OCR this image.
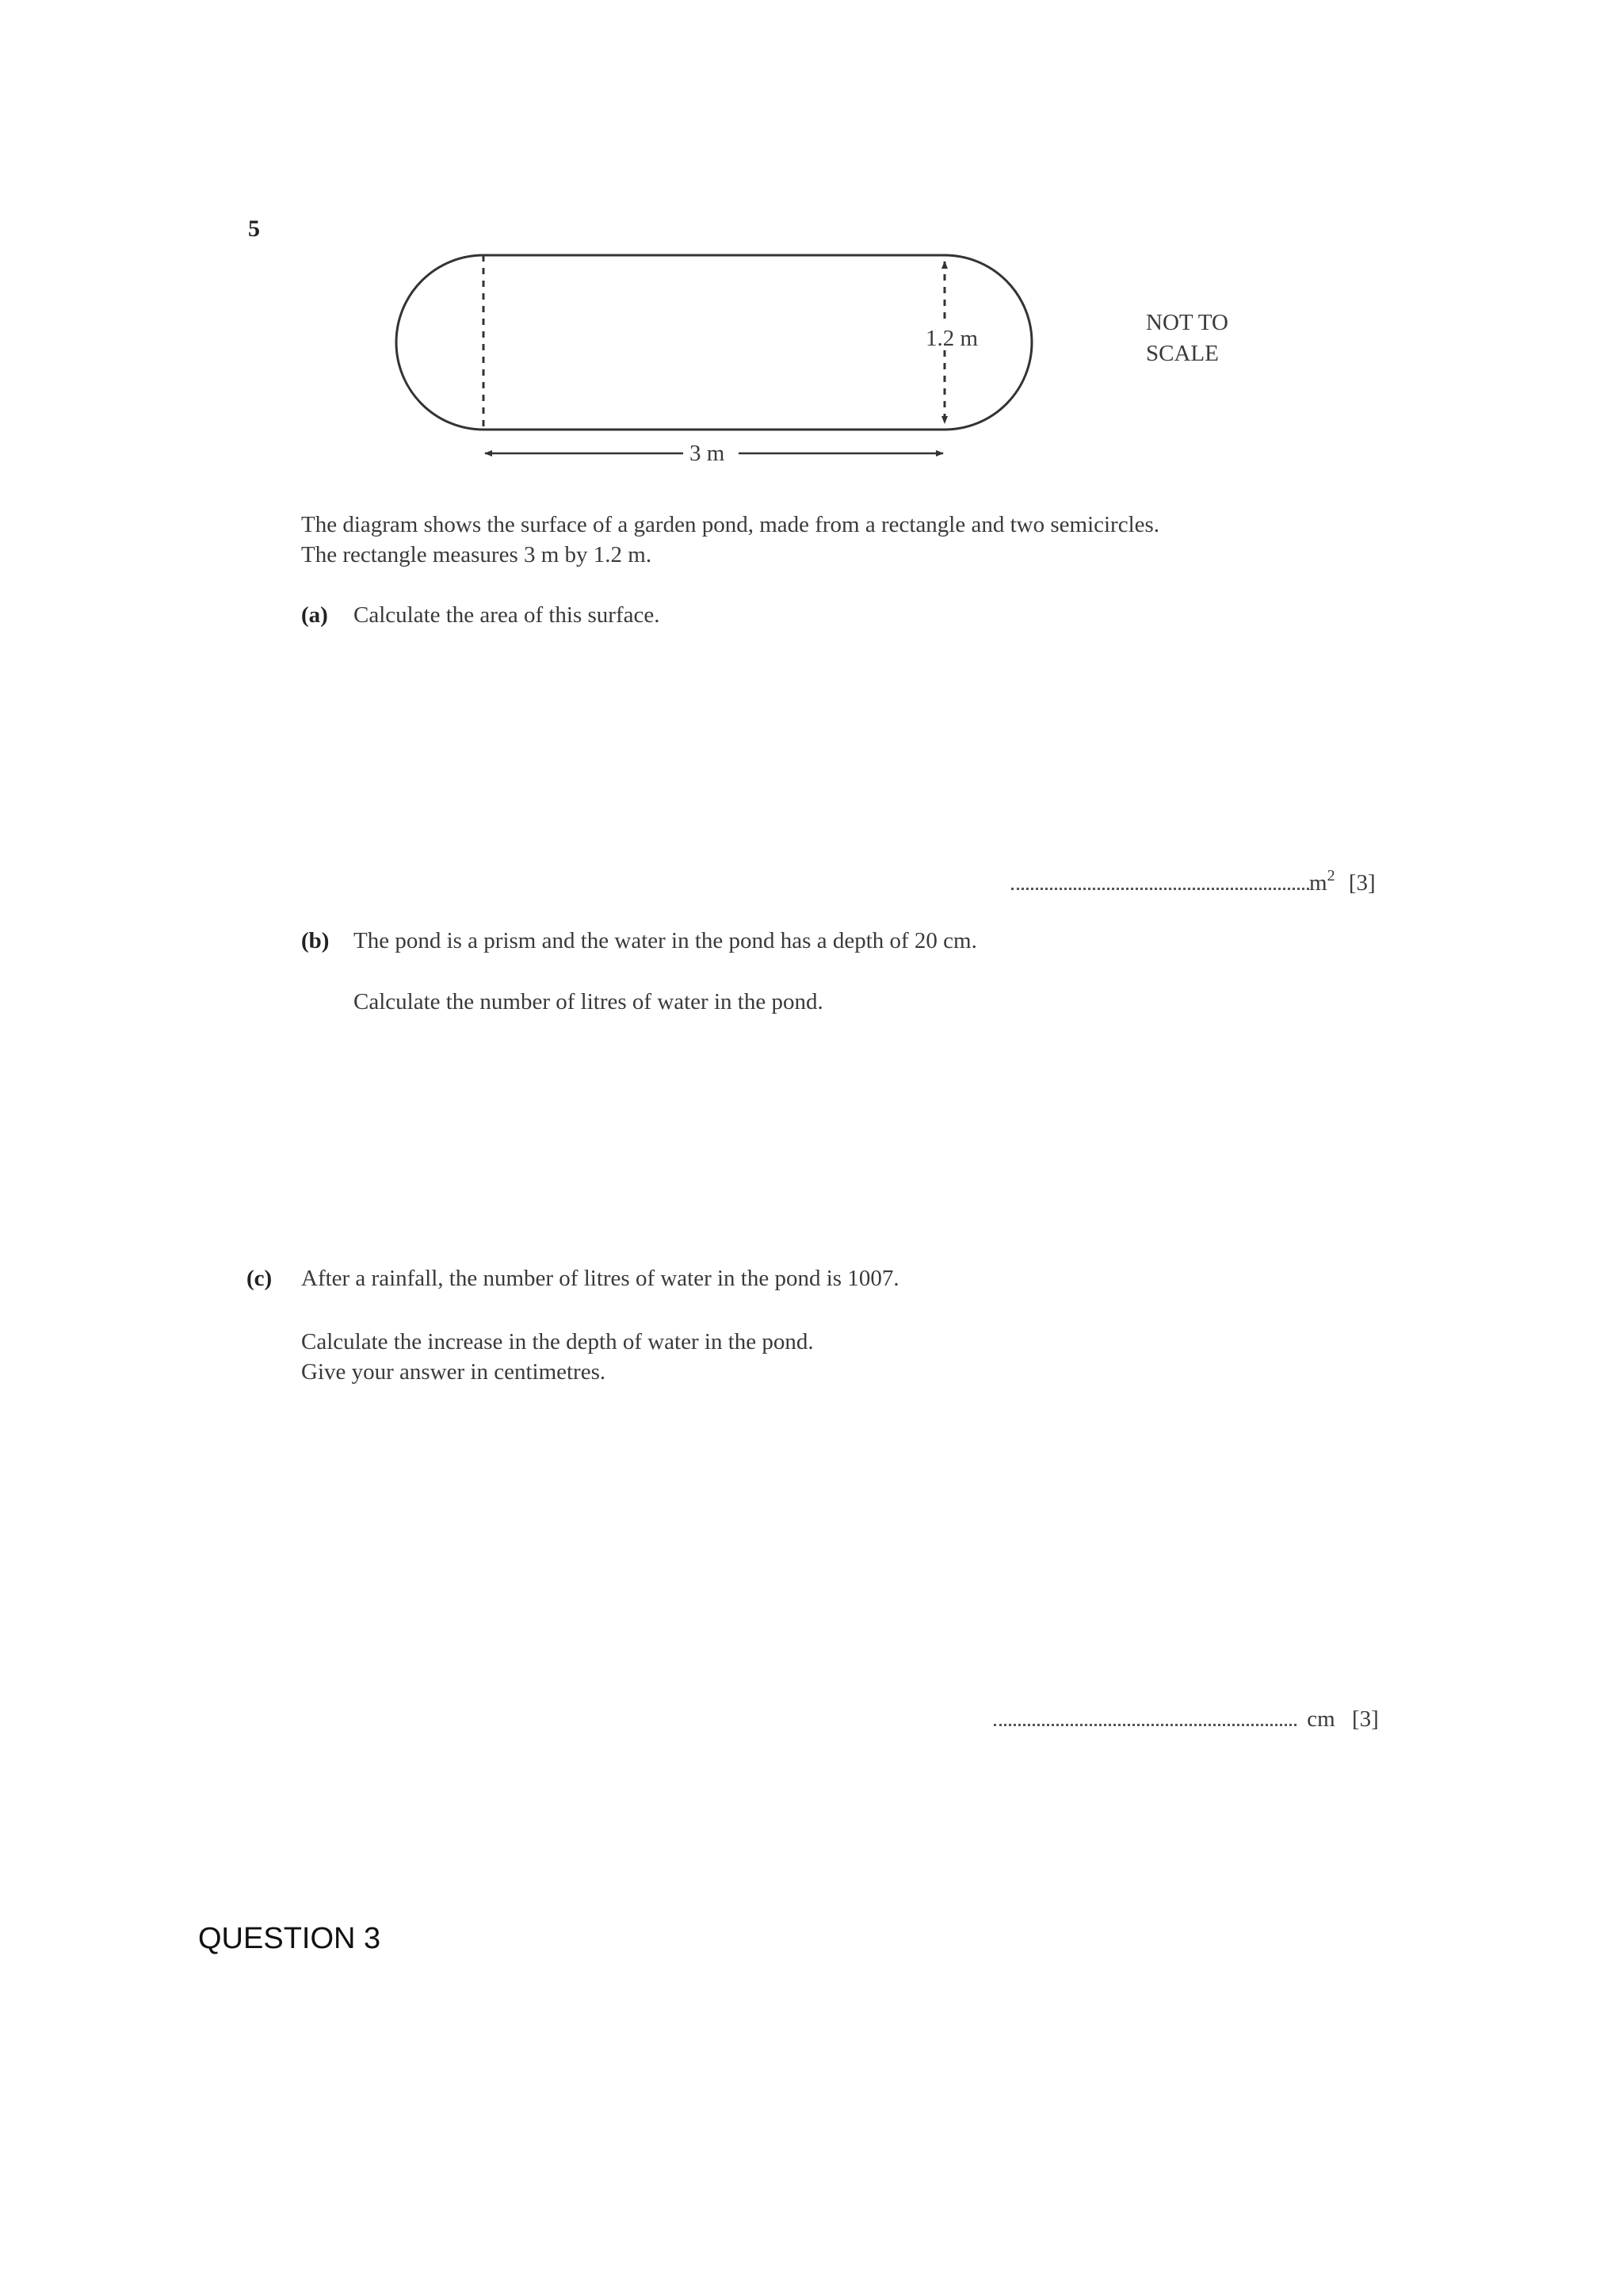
5
1.2 m
3 m
NOT TO
SCALE
The diagram shows the surface of a garden pond, made from a rectangle and two semicircles.
The rectangle measures 3 m by 1.2 m.
(a) Calculate the area of this surface.
$m^2$ [3]
(b) The pond is a prism and the water in the pond has a depth of 20 cm.
Calculate the number of litres of water in the pond.
(c) After a rainfall, the number of litres of water in the pond is 1007.
Calculate the increase in the depth of water in the pond.
Give your answer in centimetres.
cm [3]
QUESTION 3
